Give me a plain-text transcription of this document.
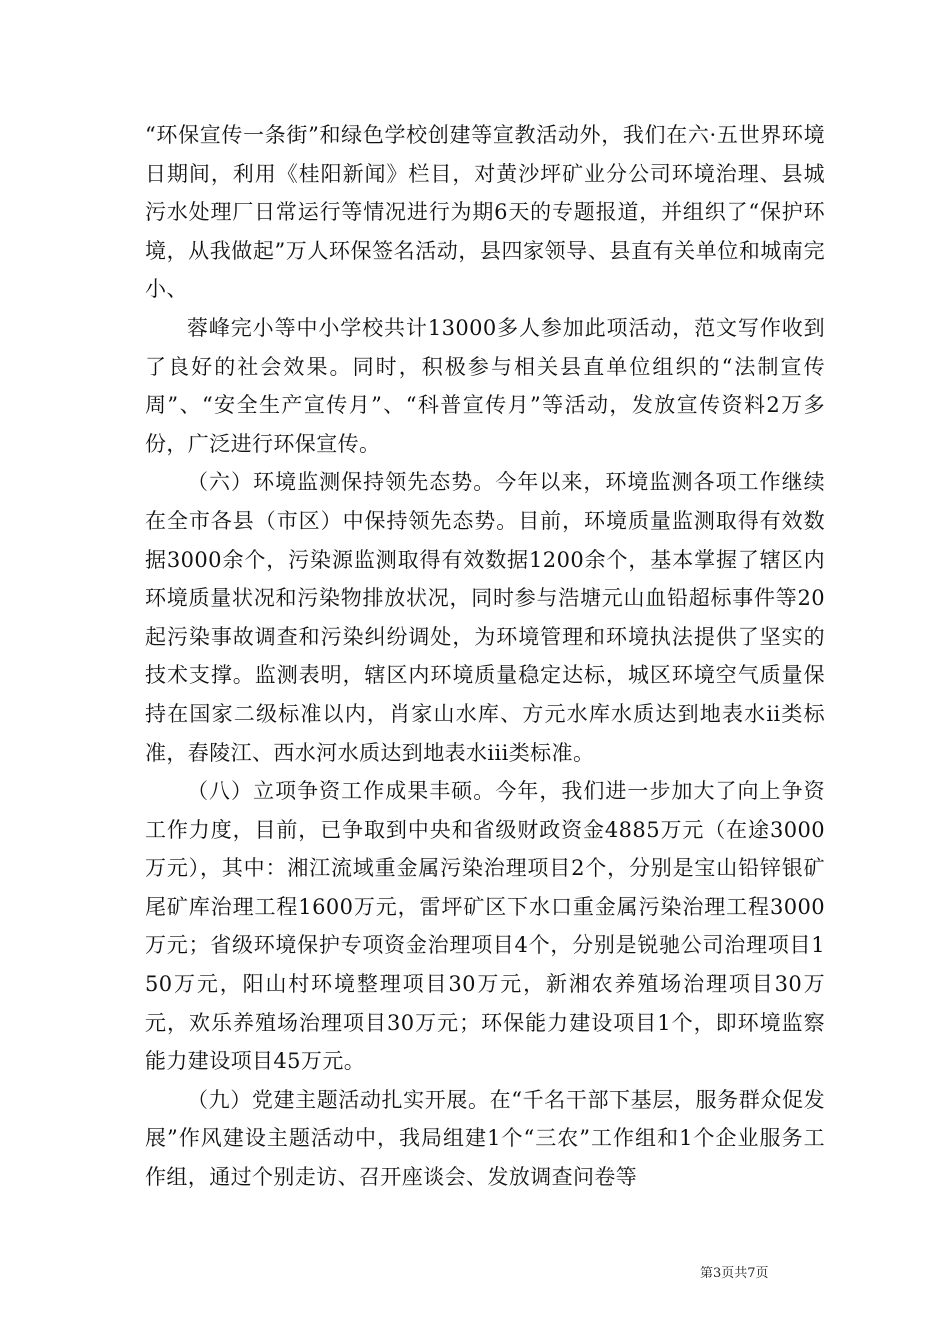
“环保宣传一条街”和绿色学校创建等宣教活动外，我们在六·五世界环境日期间，利用《桂阳新闻》栏目，对黄沙坪矿业分公司环境治理、县城污水处理厂日常运行等情况进行为期6天的专题报道，并组织了“保护环境，从我做起”万人环保签名活动，县四家领导、县直有关单位和城南完小、

蓉峰完小等中小学校共计13000多人参加此项活动，范文写作收到了良好的社会效果。同时，积极参与相关县直单位组织的“法制宣传周”、“安全生产宣传月”、“科普宣传月”等活动，发放宣传资料2万多份，广泛进行环保宣传。

（六）环境监测保持领先态势。今年以来，环境监测各项工作继续在全市各县（市区）中保持领先态势。目前，环境质量监测取得有效数据3000余个，污染源监测取得有效数据1200余个，基本掌握了辖区内环境质量状况和污染物排放状况，同时参与浩塘元山血铅超标事件等20起污染事故调查和污染纠纷调处，为环境管理和环境执法提供了坚实的技术支撑。监测表明，辖区内环境质量稳定达标，城区环境空气质量保持在国家二级标准以内，肖家山水库、方元水库水质达到地表水ii类标准，舂陵江、西水河水质达到地表水iii类标准。

（八）立项争资工作成果丰硕。今年，我们进一步加大了向上争资工作力度，目前，已争取到中央和省级财政资金4885万元（在途3000万元），其中：湘江流域重金属污染治理项目2个，分别是宝山铅锌银矿尾矿库治理工程1600万元，雷坪矿区下水口重金属污染治理工程3000万元；省级环境保护专项资金治理项目4个，分别是锐驰公司治理项目150万元，阳山村环境整理项目30万元，新湘农养殖场治理项目30万元，欢乐养殖场治理项目30万元；环保能力建设项目1个，即环境监察能力建设项目45万元。

（九）党建主题活动扎实开展。在“千名干部下基层，服务群众促发展”作风建设主题活动中，我局组建1个“三农”工作组和1个企业服务工作组，通过个别走访、召开座谈会、发放调查问卷等

第3页共7页
